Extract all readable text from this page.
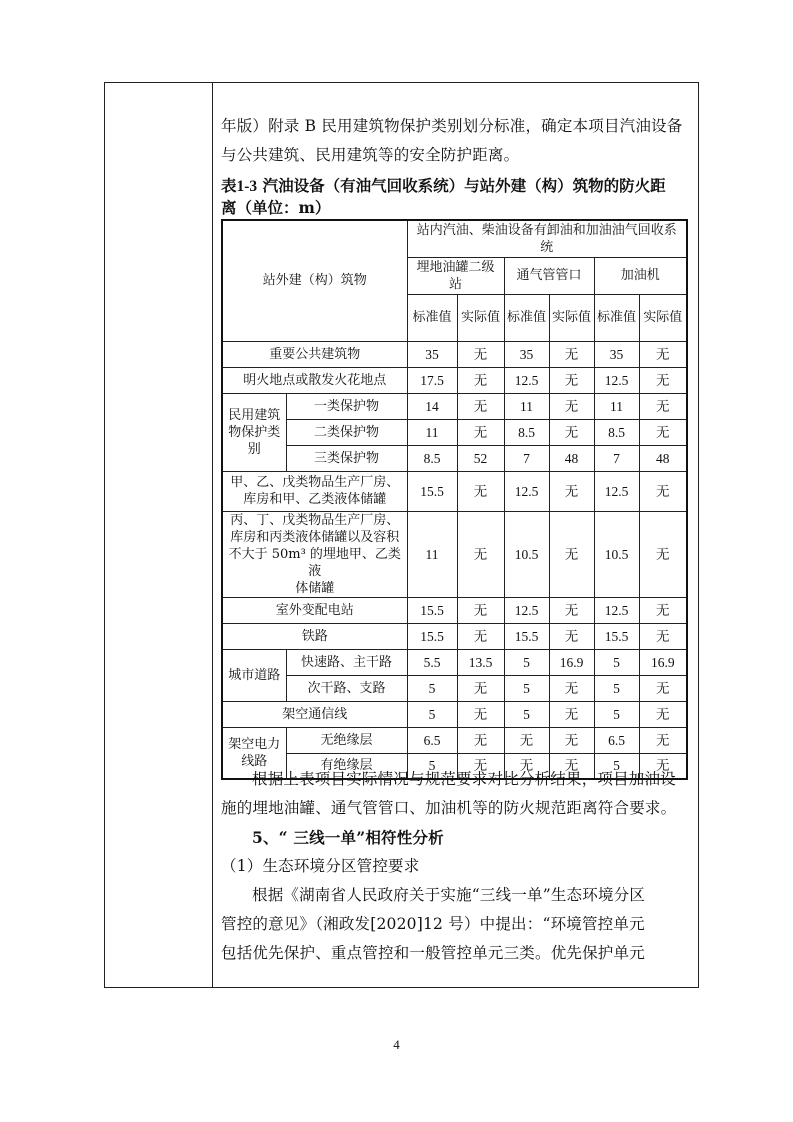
年版）附录 B 民用建筑物保护类别划分标准，确定本项目汽油设备

与公共建筑、民用建筑等的安全防护距离。

表1-3 汽油设备（有油气回收系统）与站外建（构）筑物的防火距
离（单位：m）

站外建（构）筑物		站内汽油、柴油设备有卸油和加油油气回收系
统					
		埋地油罐二级
站		通气管管口		加油机	
		标准值	实际值	标准值	实际值	标准值	实际值
重要公共建筑物		35	无	35	无	35	无
明火地点或散发火花地点		17.5	无	12.5	无	12.5	无
民用建筑
物保护类
别	一类保护物	14	无	11	无	11	无
	二类保护物	11	无	8.5	无	8.5	无
	三类保护物	8.5	52	7	48	7	48
甲、乙、戊类物品生产厂房、
库房和甲、乙类液体储罐		15.5	无	12.5	无	12.5	无
丙、丁、戊类物品生产厂房、
库房和丙类液体储罐以及容积
不大于 50m³ 的埋地甲、乙类液
体储罐		11	无	10.5	无	10.5	无
室外变配电站		15.5	无	12.5	无	12.5	无
铁路		15.5	无	15.5	无	15.5	无
城市道路	快速路、主干路	5.5	13.5	5	16.9	5	16.9
	次干路、支路	5	无	5	无	5	无
架空通信线		5	无	5	无	5	无
架空电力
线路	无绝缘层	6.5	无	无	无	6.5	无
	有绝缘层	5	无	无	无	5	无

根据上表项目实际情况与规范要求对比分析结果，项目加油设

施的埋地油罐、通气管管口、加油机等的防火规范距离符合要求。

5、“ 三线一单”相符性分析

（1）生态环境分区管控要求

根据《湖南省人民政府关于实施“三线一单”生态环境分区

管控的意见》（湘政发[2020]12 号）中提出：“环境管控单元

包括优先保护、重点管控和一般管控单元三类。优先保护单元

4
